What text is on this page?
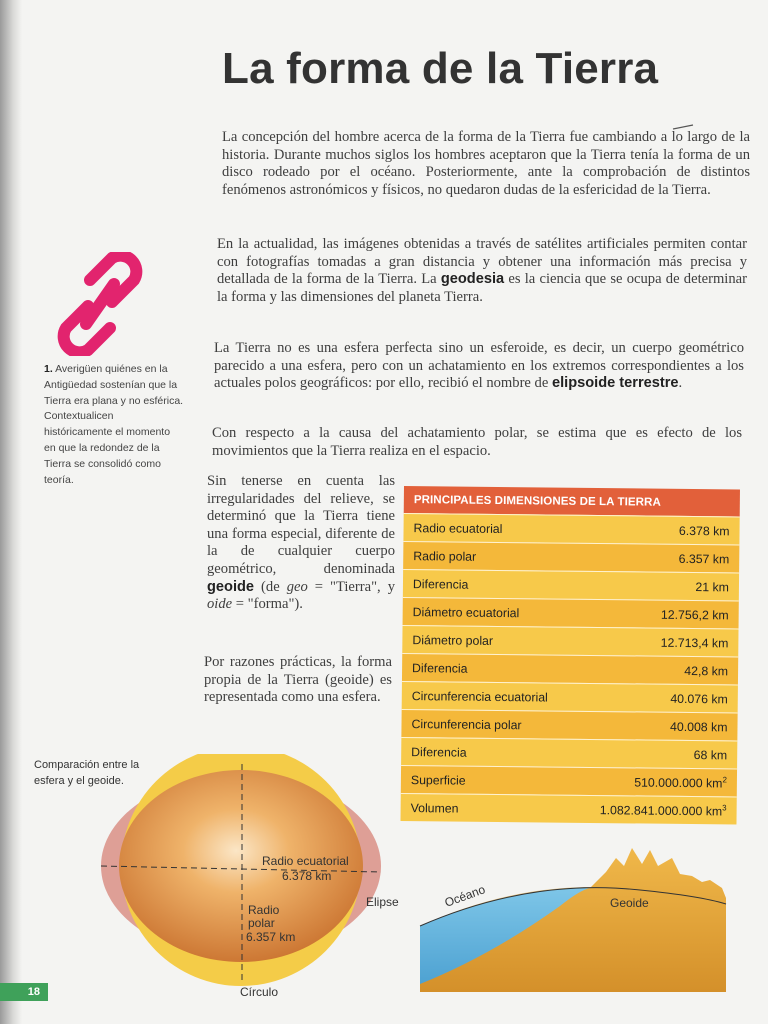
La forma de la Tierra

La concepción del hombre acerca de la forma de la Tierra fue cambiando a lo largo de la historia. Durante muchos siglos los hombres aceptaron que la Tierra tenía la forma de un disco rodeado por el océano. Posteriormente, ante la comprobación de distintos fenómenos astronómicos y físicos, no quedaron dudas de la esfericidad de la Tierra.

En la actualidad, las imágenes obtenidas a través de satélites artificiales permiten contar con fotografías tomadas a gran distancia y obtener una información más precisa y detallada de la forma de la Tierra. La geodesia es la ciencia que se ocupa de determinar la forma y las dimensiones del planeta Tierra.

La Tierra no es una esfera perfecta sino un esferoide, es decir, un cuerpo geométrico parecido a una esfera, pero con un achatamiento en los extremos correspondientes a los actuales polos geográficos: por ello, recibió el nombre de elipsoide terrestre.

Con respecto a la causa del achatamiento polar, se estima que es efecto de los movimientos que la Tierra realiza en el espacio.

Sin tenerse en cuenta las irregularidades del relieve, se determinó que la Tierra tiene una forma especial, diferente de la de cualquier cuerpo geométrico, denominada geoide (de geo = "Tierra", y oide = "forma").

Por razones prácticas, la forma propia de la Tierra (geoide) es representada como una esfera.

1. Averigüen quiénes en la Antigüedad sostenían que la Tierra era plana y no esférica. Contextualicen históricamente el momento en que la redondez de la Tierra se consolidó como teoría.

PRINCIPALES DIMENSIONES DE LA TIERRA
Radio ecuatorial	6.378 km
Radio polar	6.357 km
Diferencia	21 km
Diámetro ecuatorial	12.756,2 km
Diámetro polar	12.713,4 km
Diferencia	42,8 km
Circunferencia ecuatorial	40.076 km
Circunferencia polar	40.008 km
Diferencia	68 km
Superficie	510.000.000 $km^2$
Volumen	1.082.841.000.000 $km^3$

Comparación entre la esfera y el geoide.

Radio ecuatorial

6.378 km

Radio

polar

6.357 km

Elipse

Círculo

Océano	Geoide

18
